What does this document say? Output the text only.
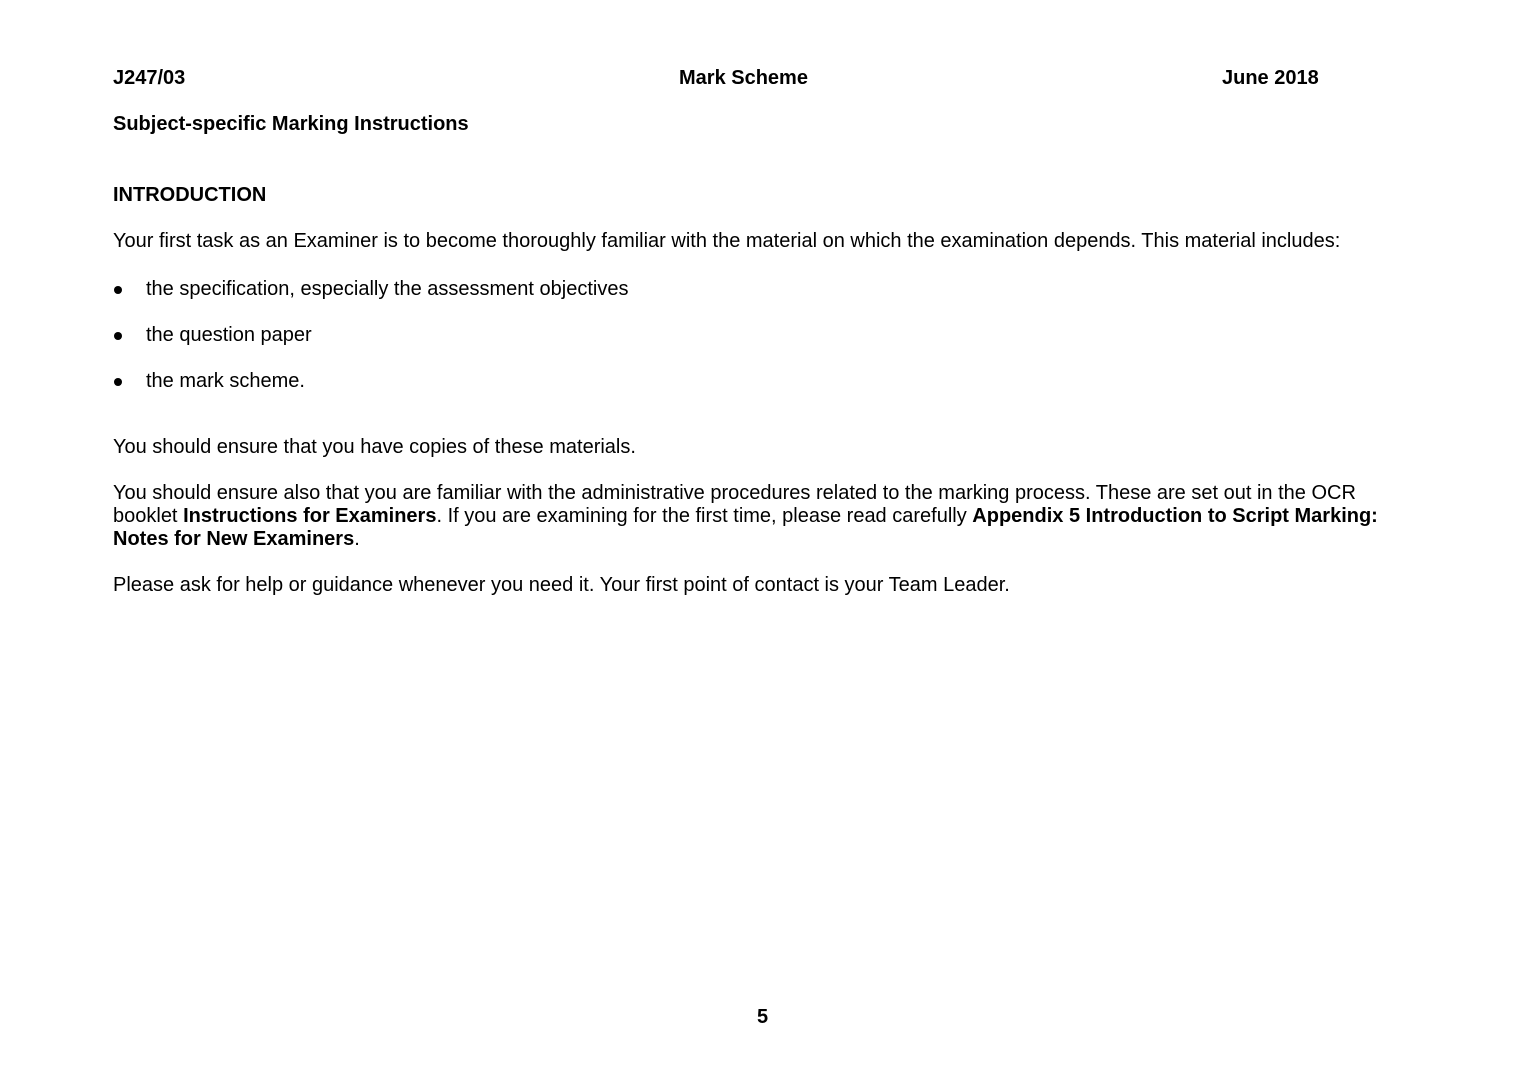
J247/03	Mark Scheme	June 2018
Subject-specific Marking Instructions
INTRODUCTION
Your first task as an Examiner is to become thoroughly familiar with the material on which the examination depends. This material includes:
the specification, especially the assessment objectives
the question paper
the mark scheme.
You should ensure that you have copies of these materials.
You should ensure also that you are familiar with the administrative procedures related to the marking process. These are set out in the OCR booklet Instructions for Examiners. If you are examining for the first time, please read carefully Appendix 5 Introduction to Script Marking: Notes for New Examiners.
Please ask for help or guidance whenever you need it. Your first point of contact is your Team Leader.
5
